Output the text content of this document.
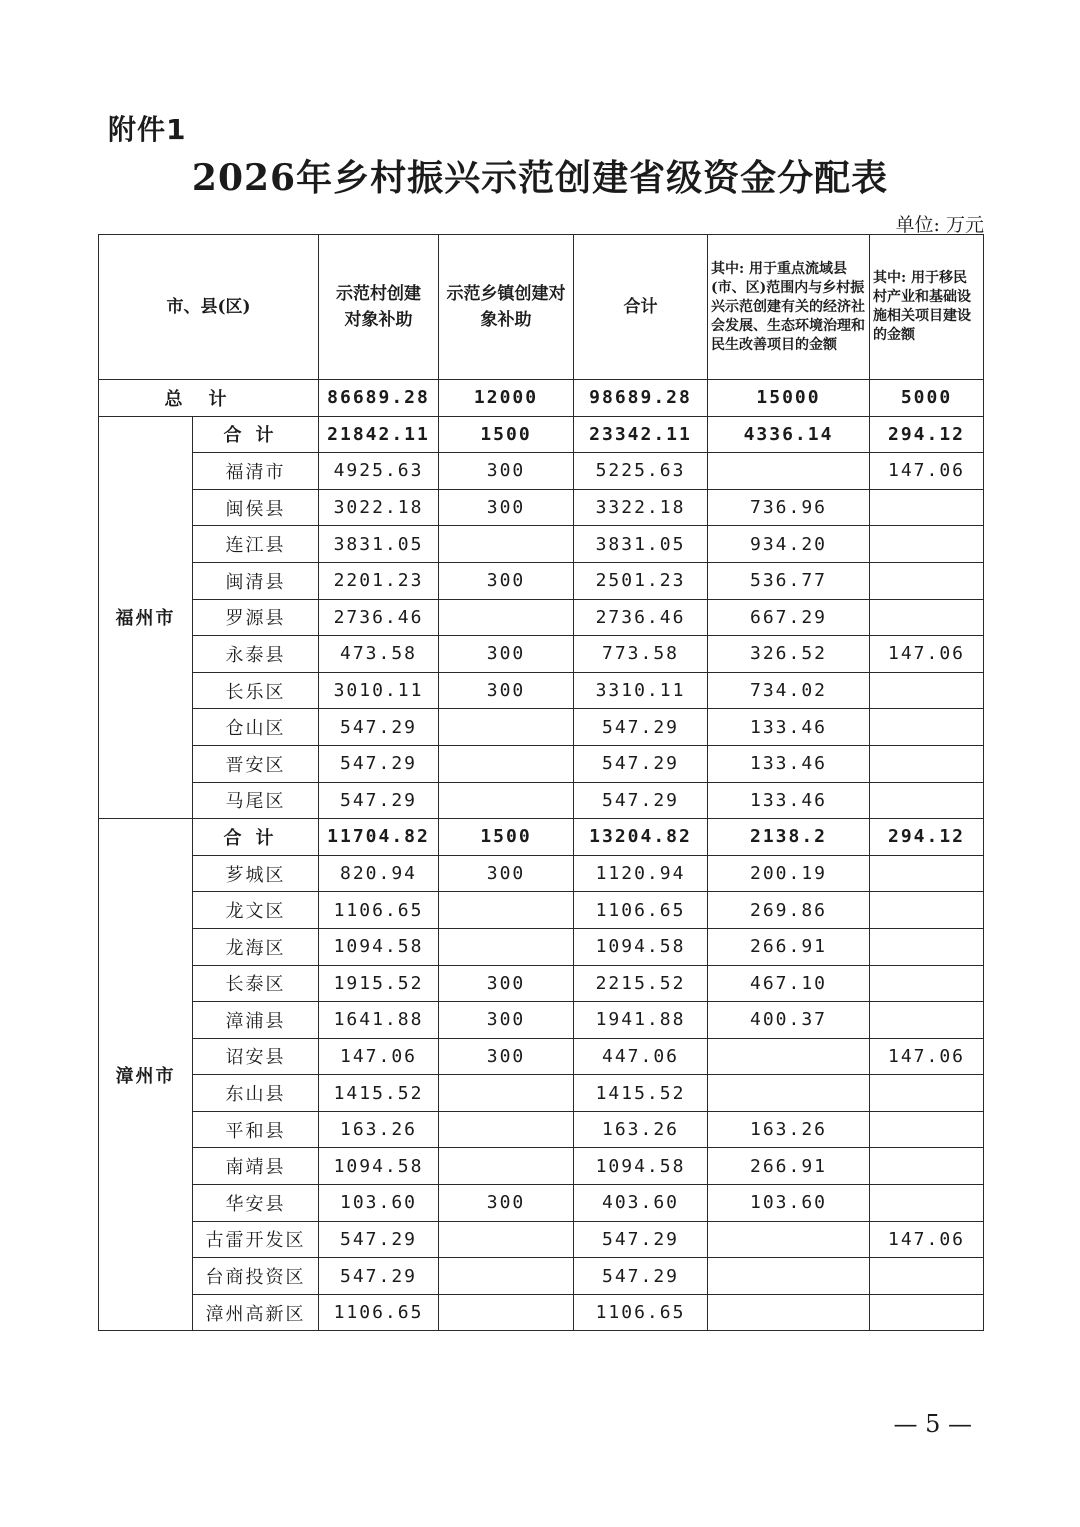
附件1
2026年乡村振兴示范创建省级资金分配表
单位: 万元
市、县(区)		示范村创建对象补助	示范乡镇创建对象补助	合计	其中: 用于重点流域县(市、区)范围内与乡村振兴示范创建有关的经济社会发展、生态环境治理和民生改善项目的金额	其中: 用于移民村产业和基础设施相关项目建设的金额
总计		86689.28	12000	98689.28	15000	5000
福州市	合计	21842.11	1500	23342.11	4336.14	294.12
	福清市	4925.63	300	5225.63		147.06
	闽侯县	3022.18	300	3322.18	736.96	
	连江县	3831.05		3831.05	934.20	
	闽清县	2201.23	300	2501.23	536.77	
	罗源县	2736.46		2736.46	667.29	
	永泰县	473.58	300	773.58	326.52	147.06
	长乐区	3010.11	300	3310.11	734.02	
	仓山区	547.29		547.29	133.46	
	晋安区	547.29		547.29	133.46	
	马尾区	547.29		547.29	133.46	
漳州市	合计	11704.82	1500	13204.82	2138.2	294.12
	芗城区	820.94	300	1120.94	200.19	
	龙文区	1106.65		1106.65	269.86	
	龙海区	1094.58		1094.58	266.91	
	长泰区	1915.52	300	2215.52	467.10	
	漳浦县	1641.88	300	1941.88	400.37	
	诏安县	147.06	300	447.06		147.06
	东山县	1415.52		1415.52		
	平和县	163.26		163.26	163.26	
	南靖县	1094.58		1094.58	266.91	
	华安县	103.60	300	403.60	103.60	
	古雷开发区	547.29		547.29		147.06
	台商投资区	547.29		547.29		
	漳州高新区	1106.65		1106.65		
— 5 —
